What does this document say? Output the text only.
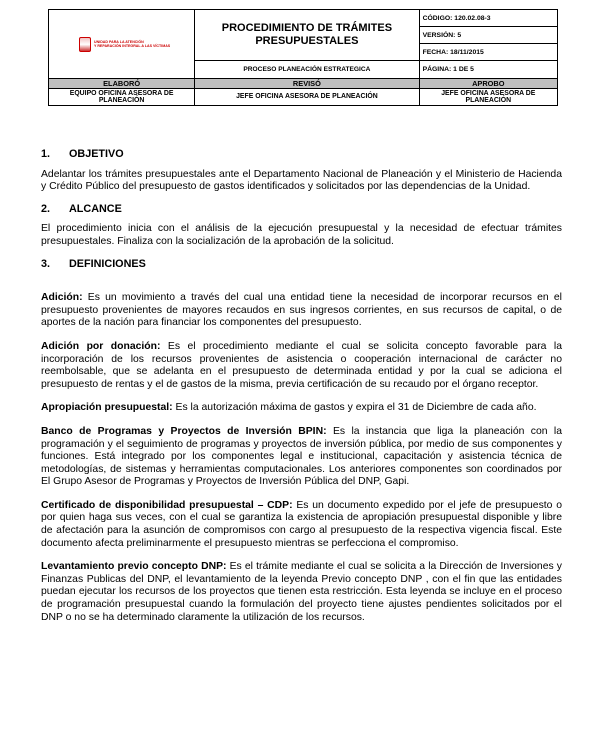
UNIDAD PARA LA ATENCIÓN
Y REPARACIÓN INTEGRAL A LAS VÍCTIMAS	PROCEDIMIENTO DE TRÁMITES PRESUPUESTALES	CÓDIGO: 120.02.08-3
		VERSIÓN: 5
		FECHA: 18/11/2015
	PROCESO PLANEACIÓN ESTRATEGICA	PÁGINA: 1 DE 5
ELABORÓ	REVISÓ	APROBO
EQUIPO OFICINA ASESORA DE PLANEACIÓN	JEFE OFICINA ASESORA DE PLANEACIÓN	JEFE OFICINA ASESORA DE PLANEACIÓN
1.	OBJETIVO

Adelantar los trámites presupuestales ante el Departamento Nacional de Planeación y el Ministerio de Hacienda y Crédito Público del presupuesto de gastos identificados y solicitados por las dependencias de la Unidad.

2.	ALCANCE

El procedimiento inicia con el análisis de la ejecución presupuestal y la necesidad de efectuar trámites presupuestales. Finaliza con la socialización de la aprobación de la solicitud.

3.	DEFINICIONES

Adición: Es un movimiento a través del cual una entidad tiene la necesidad de incorporar recursos en el presupuesto provenientes de mayores recaudos en sus ingresos corrientes, en sus recursos de capital, o de aportes de la nación para financiar los componentes del presupuesto.

Adición por donación: Es el procedimiento mediante el cual se solicita concepto favorable para la incorporación de los recursos provenientes de asistencia o cooperación internacional de carácter no reembolsable, que se adelanta en el presupuesto de determinada entidad y por la cual se adiciona el presupuesto de rentas y el de gastos de la misma, previa certificación de su recaudo por el órgano receptor.

Apropiación presupuestal: Es la autorización máxima de gastos y expira el 31 de Diciembre de cada año.

Banco de Programas y Proyectos de Inversión BPIN: Es la instancia que liga la planeación con la programación y el seguimiento de programas y proyectos de inversión pública, por medio de sus componentes y funciones. Está integrado por los componentes legal e institucional, capacitación y asistencia técnica de metodologías, de sistemas y herramientas computacionales. Los anteriores componentes son coordinados por El Grupo Asesor de Programas y Proyectos de Inversión Pública del DNP, Gapi.

Certificado de disponibilidad presupuestal – CDP: Es un documento expedido por el jefe de presupuesto o por quien haga sus veces, con el cual se garantiza la existencia de apropiación presupuestal disponible y libre de afectación para la asunción de compromisos con cargo al presupuesto de la respectiva vigencia fiscal. Este documento afecta preliminarmente el presupuesto mientras se perfecciona el compromiso.

Levantamiento previo concepto DNP: Es el trámite mediante el cual se solicita a la Dirección de Inversiones y Finanzas Publicas del DNP, el levantamiento de la leyenda Previo concepto DNP , con el fin que las entidades puedan ejecutar los recursos de los proyectos que tienen esta restricción. Esta leyenda se incluye en el proceso de programación presupuestal cuando la formulación del proyecto tiene ajustes pendientes solicitados por el DNP o no se ha determinado claramente la utilización de los recursos.
